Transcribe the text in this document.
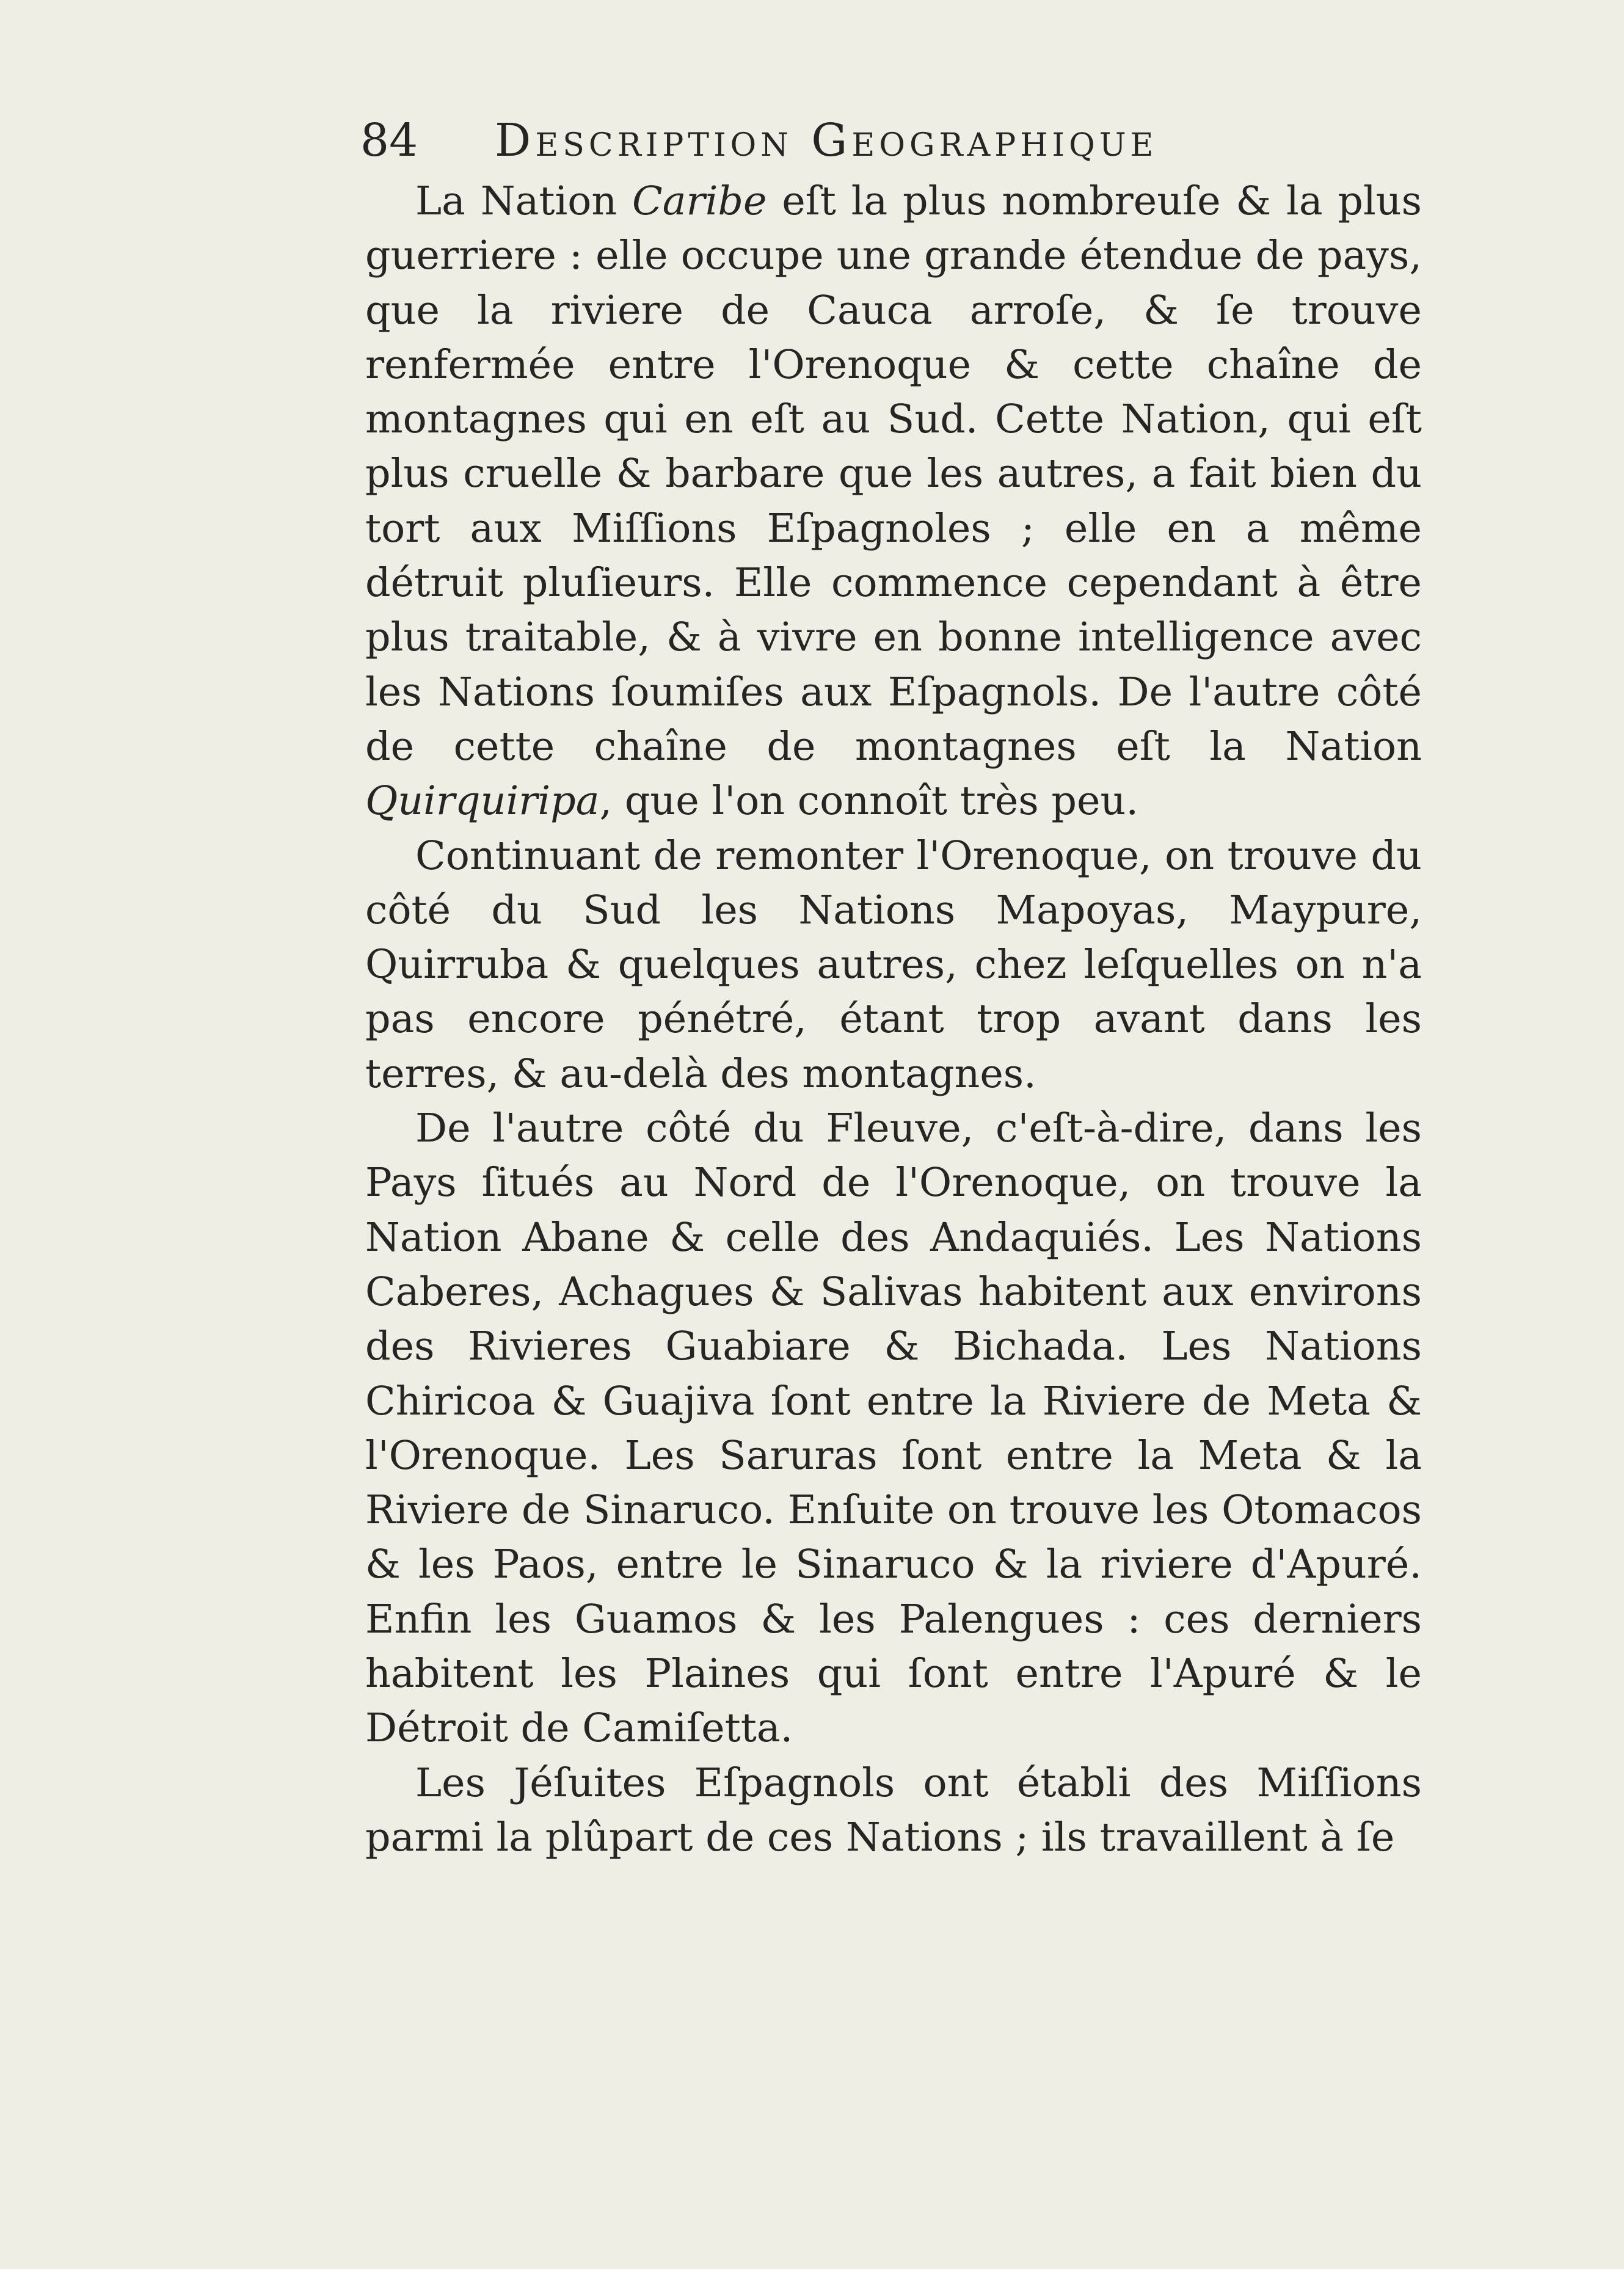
84 Description Geographique

La Nation Caribe eſt la plus nombreuſe & la plus guerriere : elle occupe une grande étendue de pays, que la riviere de Cauca arroſe, & ſe trouve renfermée entre l'Orenoque & cette chaîne de montagnes qui en eſt au Sud. Cette Nation, qui eſt plus cruelle & barbare que les autres, a fait bien du tort aux Miſſions Eſpagnoles ; elle en a même détruit pluſieurs. Elle commence cependant à être plus traitable, & à vivre en bonne intelligence avec les Nations ſoumiſes aux Eſpagnols. De l'autre côté de cette chaîne de montagnes eſt la Nation Quirquiripa, que l'on connoît très peu.

Continuant de remonter l'Orenoque, on trouve du côté du Sud les Nations Mapoyas, Maypure, Quirruba & quelques autres, chez leſquelles on n'a pas encore pénétré, étant trop avant dans les terres, & au-delà des montagnes.

De l'autre côté du Fleuve, c'eſt-à-dire, dans les Pays ſitués au Nord de l'Orenoque, on trouve la Nation Abane & celle des Andaquiés. Les Nations Caberes, Achagues & Salivas habitent aux environs des Rivieres Guabiare & Bichada. Les Nations Chiricoa & Guajiva ſont entre la Riviere de Meta & l'Orenoque. Les Saruras ſont entre la Meta & la Riviere de Sinaruco. Enſuite on trouve les Otomacos & les Paos, entre le Sinaruco & la riviere d'Apuré. Enfin les Guamos & les Palengues : ces derniers habitent les Plaines qui ſont entre l'Apuré & le Détroit de Camiſetta.

Les Jéſuites Eſpagnols ont établi des Miſſions parmi la plûpart de ces Nations ; ils travaillent à ſe
